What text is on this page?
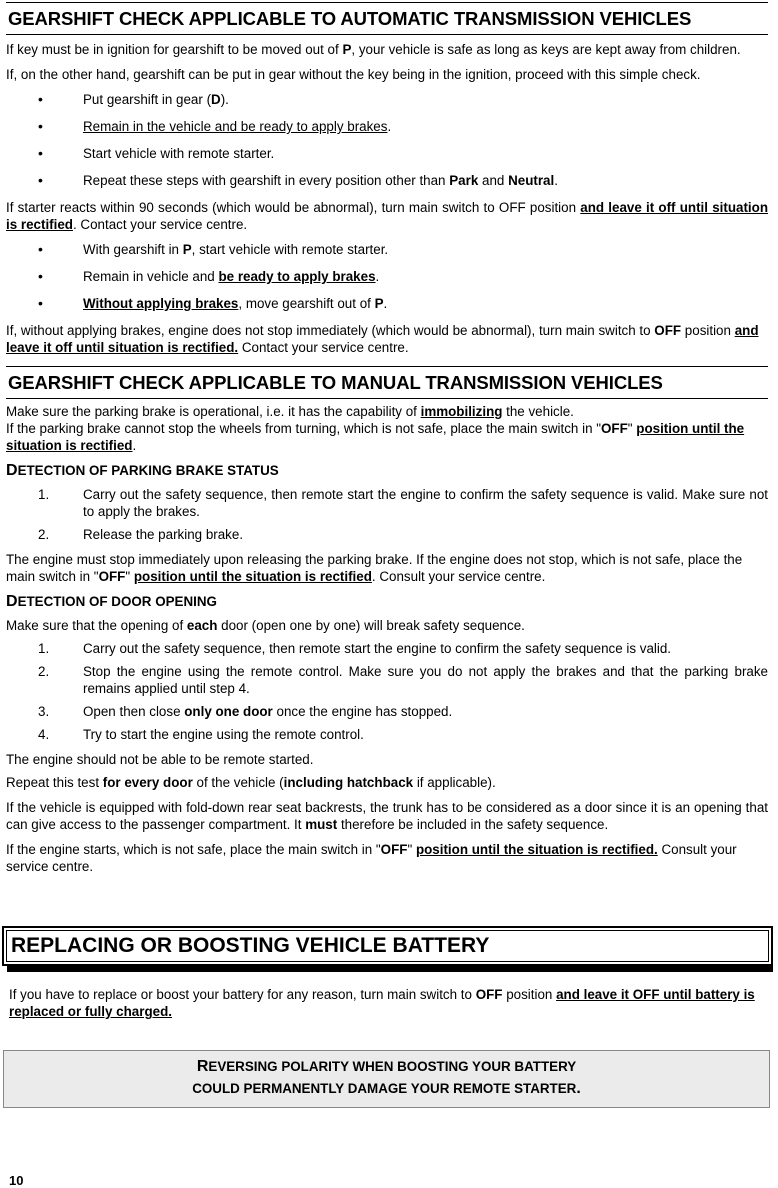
GEARSHIFT CHECK APPLICABLE TO AUTOMATIC TRANSMISSION VEHICLES

If key must be in ignition for gearshift to be moved out of P, your vehicle is safe as long as keys are kept away from children.

If, on the other hand, gearshift can be put in gear without the key being in the ignition, proceed with this simple check.

• Put gearshift in gear (D).
• Remain in the vehicle and be ready to apply brakes.
• Start vehicle with remote starter.
• Repeat these steps with gearshift in every position other than Park and Neutral.

If starter reacts within 90 seconds (which would be abnormal), turn main switch to OFF position and leave it off until situation is rectified. Contact your service centre.

• With gearshift in P, start vehicle with remote starter.
• Remain in vehicle and be ready to apply brakes.
• Without applying brakes, move gearshift out of P.

If, without applying brakes, engine does not stop immediately (which would be abnormal), turn main switch to OFF position and leave it off until situation is rectified. Contact your service centre.

GEARSHIFT CHECK APPLICABLE TO MANUAL TRANSMISSION VEHICLES

Make sure the parking brake is operational, i.e. it has the capability of immobilizing the vehicle.

If the parking brake cannot stop the wheels from turning, which is not safe, place the main switch in "OFF" position until the situation is rectified.

DETECTION OF PARKING BRAKE STATUS
1.	Carry out the safety sequence, then remote start the engine to confirm the safety sequence is valid. Make sure not to apply the brakes.
2.	Release the parking brake.

The engine must stop immediately upon releasing the parking brake. If the engine does not stop, which is not safe, place the main switch in "OFF" position until the situation is rectified. Consult your service centre.

DETECTION OF DOOR OPENING

Make sure that the opening of each door (open one by one) will break safety sequence.

1.	Carry out the safety sequence, then remote start the engine to confirm the safety sequence is valid.
2.	Stop the engine using the remote control. Make sure you do not apply the brakes and that the parking brake remains applied until step 4.
3.	Open then close only one door once the engine has stopped.
4.	Try to start the engine using the remote control.

The engine should not be able to be remote started.

Repeat this test for every door of the vehicle (including hatchback if applicable).

If the vehicle is equipped with fold-down rear seat backrests, the trunk has to be considered as a door since it is an opening that can give access to the passenger compartment. It must therefore be included in the safety sequence.

If the engine starts, which is not safe, place the main switch in "OFF" position until the situation is rectified. Consult your service centre.

REPLACING OR BOOSTING VEHICLE BATTERY

If you have to replace or boost your battery for any reason, turn main switch to OFF position and leave it OFF until battery is replaced or fully charged.

REVERSING POLARITY WHEN BOOSTING YOUR BATTERY
COULD PERMANENTLY DAMAGE YOUR REMOTE STARTER.
10
